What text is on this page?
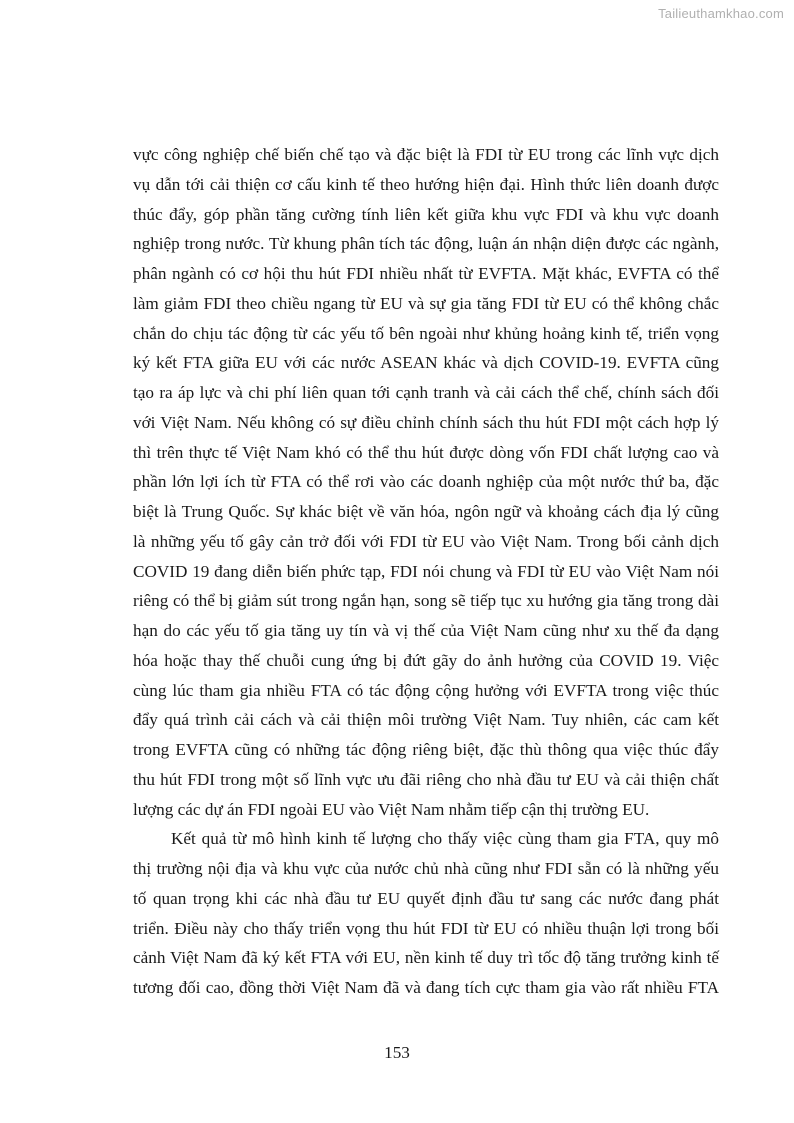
Tailieuthamkhao.com
vực công nghiệp chế biến chế tạo và đặc biệt là FDI từ EU trong các lĩnh vực dịch
vụ dẫn tới cải thiện cơ cấu kinh tế theo hướng hiện đại. Hình thức liên doanh được
thúc đẩy, góp phần tăng cường tính liên kết giữa khu vực FDI và khu vực doanh
nghiệp trong nước. Từ khung phân tích tác động, luận án nhận diện được các ngành,
phân ngành có cơ hội thu hút FDI nhiều nhất từ EVFTA. Mặt khác, EVFTA có thể
làm giảm FDI theo chiều ngang từ EU và sự gia tăng FDI từ EU có thể không chắc
chắn do chịu tác động từ các yếu tố bên ngoài như khủng hoảng kinh tế, triển vọng
ký kết FTA giữa EU với các nước ASEAN khác và dịch COVID-19. EVFTA cũng
tạo ra áp lực và chi phí liên quan tới cạnh tranh và cải cách thể chế, chính sách đối
với Việt Nam. Nếu không có sự điều chỉnh chính sách thu hút FDI một cách hợp lý
thì trên thực tế Việt Nam khó có thể thu hút được dòng vốn FDI chất lượng cao và
phần lớn lợi ích từ FTA có thể rơi vào các doanh nghiệp của một nước thứ ba, đặc
biệt là Trung Quốc. Sự khác biệt về văn hóa, ngôn ngữ và khoảng cách địa lý cũng
là những yếu tố gây cản trở đối với FDI từ EU vào Việt Nam. Trong bối cảnh dịch
COVID 19 đang diễn biến phức tạp, FDI nói chung và FDI từ EU vào Việt Nam nói
riêng có thể bị giảm sút trong ngắn hạn, song sẽ tiếp tục xu hướng gia tăng trong dài
hạn do các yếu tố gia tăng uy tín và vị thế của Việt Nam cũng như xu thế đa dạng
hóa hoặc thay thế chuỗi cung ứng bị đứt gãy do ảnh hưởng của COVID 19. Việc
cùng lúc tham gia nhiều FTA có tác động cộng hưởng với EVFTA trong việc thúc
đẩy quá trình cải cách và cải thiện môi trường Việt Nam. Tuy nhiên, các cam kết
trong EVFTA cũng có những tác động riêng biệt, đặc thù thông qua việc thúc đẩy
thu hút FDI trong một số lĩnh vực ưu đãi riêng cho nhà đầu tư EU và cải thiện chất
lượng các dự án FDI ngoài EU vào Việt Nam nhằm tiếp cận thị trường EU.
Kết quả từ mô hình kinh tế lượng cho thấy việc cùng tham gia FTA, quy mô
thị trường nội địa và khu vực của nước chủ nhà cũng như FDI sẵn có là những yếu
tố quan trọng khi các nhà đầu tư EU quyết định đầu tư sang các nước đang phát
triển. Điều này cho thấy triển vọng thu hút FDI từ EU có nhiều thuận lợi trong bối
cảnh Việt Nam đã ký kết FTA với EU, nền kinh tế duy trì tốc độ tăng trưởng kinh tế
tương đối cao, đồng thời Việt Nam đã và đang tích cực tham gia vào rất nhiều FTA
153
